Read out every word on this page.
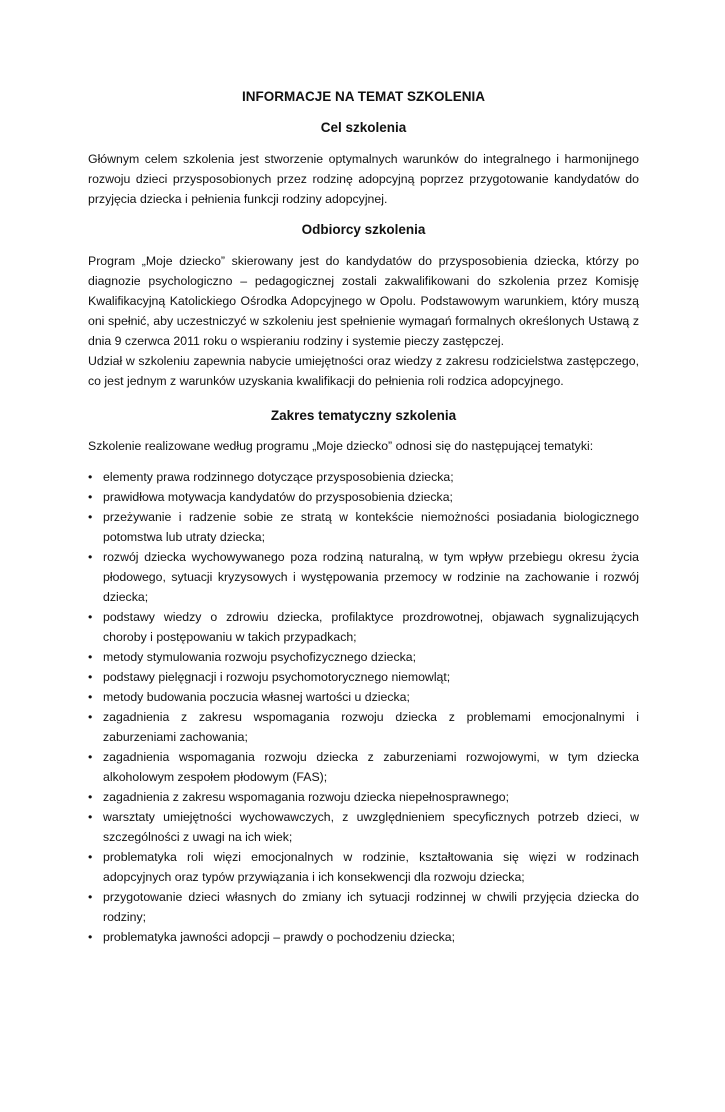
INFORMACJE NA TEMAT SZKOLENIA
Cel szkolenia

Głównym celem szkolenia jest stworzenie optymalnych warunków do integralnego i harmonijnego rozwoju dzieci przysposobionych przez rodzinę adopcyjną poprzez przygotowanie kandydatów do przyjęcia dziecka i pełnienia funkcji rodziny adopcyjnej.

Odbiorcy szkolenia

Program „Moje dziecko” skierowany jest do kandydatów do przysposobienia dziecka, którzy po diagnozie psychologiczno – pedagogicznej zostali zakwalifikowani do szkolenia przez Komisję Kwalifikacyjną Katolickiego Ośrodka Adopcyjnego w Opolu. Podstawowym warunkiem, który muszą oni spełnić, aby uczestniczyć w szkoleniu jest spełnienie wymagań formalnych określonych Ustawą z dnia 9 czerwca 2011 roku o wspieraniu rodziny i systemie pieczy zastępczej.

Udział w szkoleniu zapewnia nabycie umiejętności oraz wiedzy z zakresu rodzicielstwa zastępczego, co jest jednym z warunków uzyskania kwalifikacji do pełnienia roli rodzica adopcyjnego.

Zakres tematyczny szkolenia

Szkolenie realizowane według programu „Moje dziecko” odnosi się do następującej tematyki:

• elementy prawa rodzinnego dotyczące przysposobienia dziecka;
• prawidłowa motywacja kandydatów do przysposobienia dziecka;
• przeżywanie i radzenie sobie ze stratą w kontekście niemożności posiadania biologicznego potomstwa lub utraty dziecka;
• rozwój dziecka wychowywanego poza rodziną naturalną, w tym wpływ przebiegu okresu życia płodowego, sytuacji kryzysowych i występowania przemocy w rodzinie na zachowanie i rozwój dziecka;
• podstawy wiedzy o zdrowiu dziecka, profilaktyce prozdrowotnej, objawach sygnalizujących choroby i postępowaniu w takich przypadkach;
• metody stymulowania rozwoju psychofizycznego dziecka;
• podstawy pielęgnacji i rozwoju psychomotorycznego niemowląt;
• metody budowania poczucia własnej wartości u dziecka;
• zagadnienia z zakresu wspomagania rozwoju dziecka z problemami emocjonalnymi i zaburzeniami zachowania;
• zagadnienia wspomagania rozwoju dziecka z zaburzeniami rozwojowymi, w tym dziecka alkoholowym zespołem płodowym (FAS);
• zagadnienia z zakresu wspomagania rozwoju dziecka niepełnosprawnego;
• warsztaty umiejętności wychowawczych, z uwzględnieniem specyficznych potrzeb dzieci, w szczególności z uwagi na ich wiek;
• problematyka roli więzi emocjonalnych w rodzinie, kształtowania się więzi w rodzinach adopcyjnych oraz typów przywiązania i ich konsekwencji dla rozwoju dziecka;
• przygotowanie dzieci własnych do zmiany ich sytuacji rodzinnej w chwili przyjęcia dziecka do rodziny;
• problematyka jawności adopcji – prawdy o pochodzeniu dziecka;
